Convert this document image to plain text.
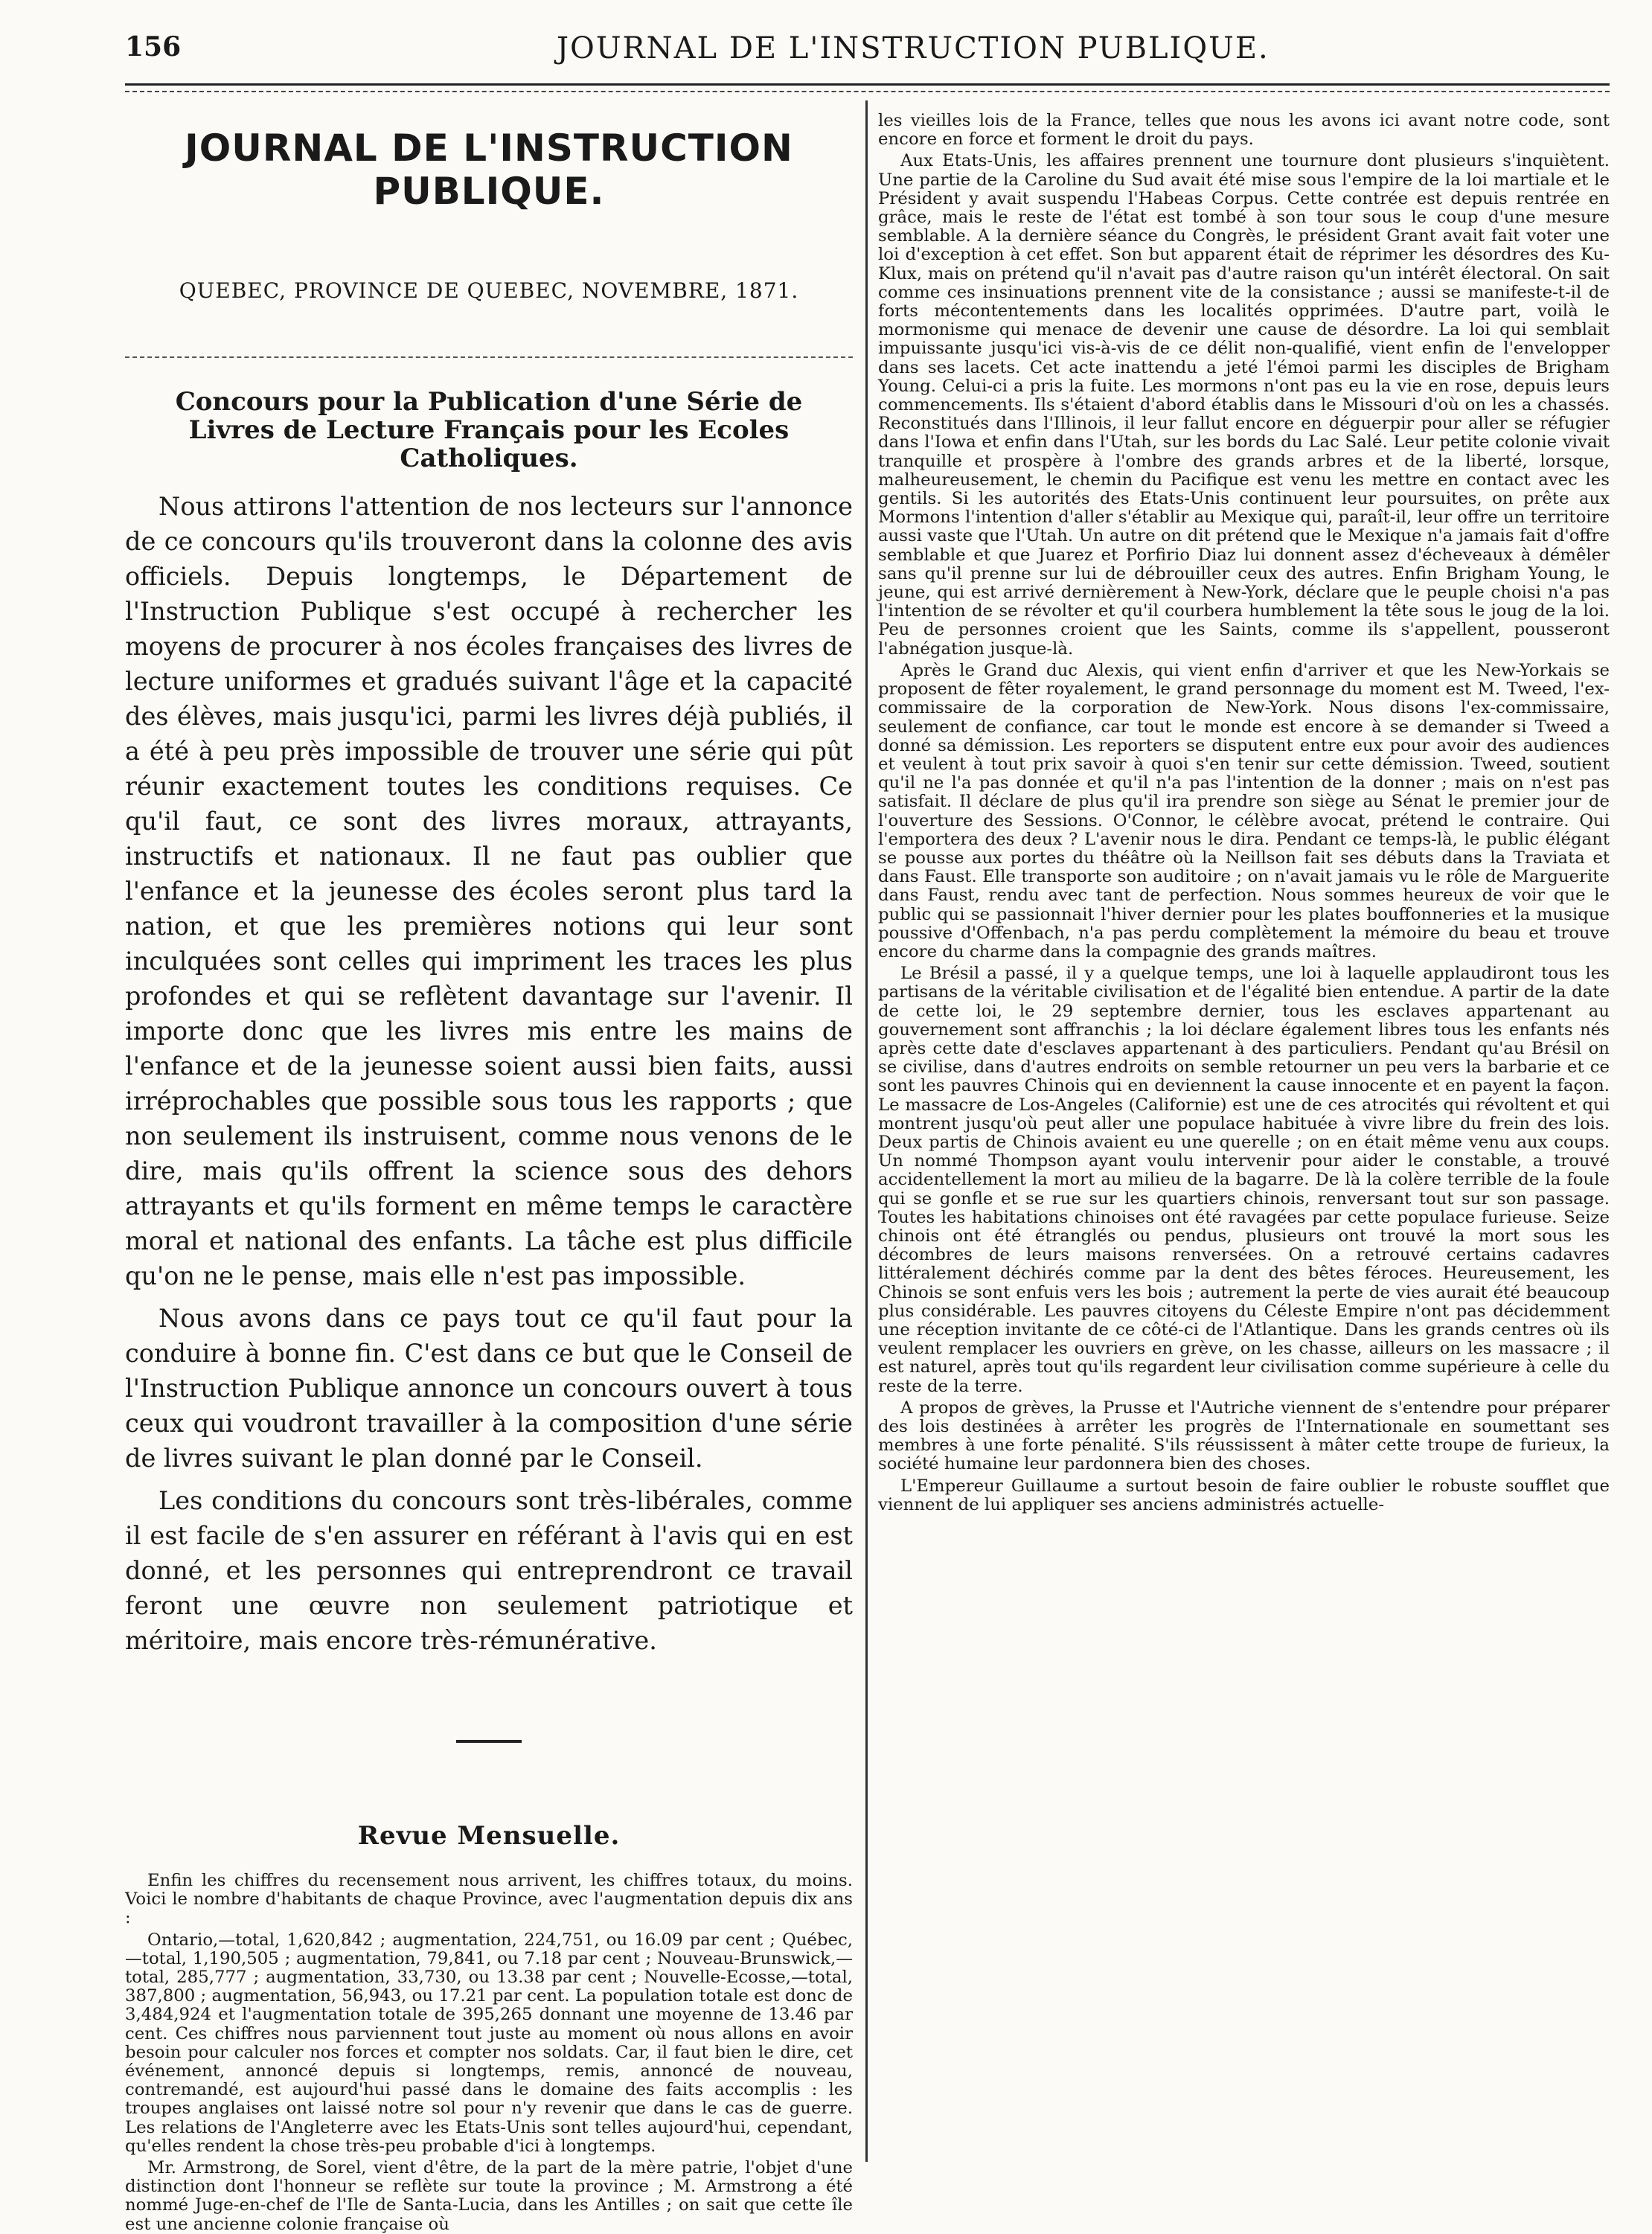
156	JOURNAL DE L'INSTRUCTION PUBLIQUE.
JOURNAL DE L'INSTRUCTION PUBLIQUE.
QUEBEC, PROVINCE DE QUEBEC, NOVEMBRE, 1871.
Concours pour la Publication d'une Série de Livres de Lecture Français pour les Ecoles Catholiques.

Nous attirons l'attention de nos lecteurs sur l'annonce de ce concours qu'ils trouveront dans la colonne des avis officiels. Depuis longtemps, le Département de l'Instruction Publique s'est occupé à rechercher les moyens de procurer à nos écoles françaises des livres de lecture uniformes et gradués suivant l'âge et la capacité des élèves, mais jusqu'ici, parmi les livres déjà publiés, il a été à peu près impossible de trouver une série qui pût réunir exactement toutes les conditions requises. Ce qu'il faut, ce sont des livres moraux, attrayants, instructifs et nationaux. Il ne faut pas oublier que l'enfance et la jeunesse des écoles seront plus tard la nation, et que les premières notions qui leur sont inculquées sont celles qui impriment les traces les plus profondes et qui se reflètent davantage sur l'avenir. Il importe donc que les livres mis entre les mains de l'enfance et de la jeunesse soient aussi bien faits, aussi irréprochables que possible sous tous les rapports ; que non seulement ils instruisent, comme nous venons de le dire, mais qu'ils offrent la science sous des dehors attrayants et qu'ils forment en même temps le caractère moral et national des enfants. La tâche est plus difficile qu'on ne le pense, mais elle n'est pas impossible.

Nous avons dans ce pays tout ce qu'il faut pour la conduire à bonne fin. C'est dans ce but que le Conseil de l'Instruction Publique annonce un concours ouvert à tous ceux qui voudront travailler à la composition d'une série de livres suivant le plan donné par le Conseil.

Les conditions du concours sont très-libérales, comme il est facile de s'en assurer en référant à l'avis qui en est donné, et les personnes qui entreprendront ce travail feront une œuvre non seulement patriotique et méritoire, mais encore très-rémunérative.

Revue Mensuelle.

Enfin les chiffres du recensement nous arrivent, les chiffres totaux, du moins. Voici le nombre d'habitants de chaque Province, avec l'augmentation depuis dix ans :

Ontario,—total, 1,620,842 ; augmentation, 224,751, ou 16.09 par cent ; Québec,—total, 1,190,505 ; augmentation, 79,841, ou 7.18 par cent ; Nouveau-Brunswick,—total, 285,777 ; augmentation, 33,730, ou 13.38 par cent ; Nouvelle-Ecosse,—total, 387,800 ; augmentation, 56,943, ou 17.21 par cent. La population totale est donc de 3,484,924 et l'augmentation totale de 395,265 donnant une moyenne de 13.46 par cent. Ces chiffres nous parviennent tout juste au moment où nous allons en avoir besoin pour calculer nos forces et compter nos soldats. Car, il faut bien le dire, cet événement, annoncé depuis si longtemps, remis, annoncé de nouveau, contremandé, est aujourd'hui passé dans le domaine des faits accomplis : les troupes anglaises ont laissé notre sol pour n'y revenir que dans le cas de guerre. Les relations de l'Angleterre avec les Etats-Unis sont telles aujourd'hui, cependant, qu'elles rendent la chose très-peu probable d'ici à longtemps.

Mr. Armstrong, de Sorel, vient d'être, de la part de la mère patrie, l'objet d'une distinction dont l'honneur se reflète sur toute la province ; M. Armstrong a été nommé Juge-en-chef de l'Ile de Santa-Lucia, dans les Antilles ; on sait que cette île est une ancienne colonie française où

les vieilles lois de la France, telles que nous les avons ici avant notre code, sont encore en force et forment le droit du pays.

Aux Etats-Unis, les affaires prennent une tournure dont plusieurs s'inquiètent. Une partie de la Caroline du Sud avait été mise sous l'empire de la loi martiale et le Président y avait suspendu l'Habeas Corpus. Cette contrée est depuis rentrée en grâce, mais le reste de l'état est tombé à son tour sous le coup d'une mesure semblable. A la dernière séance du Congrès, le président Grant avait fait voter une loi d'exception à cet effet. Son but apparent était de réprimer les désordres des Ku-Klux, mais on prétend qu'il n'avait pas d'autre raison qu'un intérêt électoral. On sait comme ces insinuations prennent vite de la consistance ; aussi se manifeste-t-il de forts mécontentements dans les localités opprimées. D'autre part, voilà le mormonisme qui menace de devenir une cause de désordre. La loi qui semblait impuissante jusqu'ici vis-à-vis de ce délit non-qualifié, vient enfin de l'envelopper dans ses lacets. Cet acte inattendu a jeté l'émoi parmi les disciples de Brigham Young. Celui-ci a pris la fuite. Les mormons n'ont pas eu la vie en rose, depuis leurs commencements. Ils s'étaient d'abord établis dans le Missouri d'où on les a chassés. Reconstitués dans l'Illinois, il leur fallut encore en déguerpir pour aller se réfugier dans l'Iowa et enfin dans l'Utah, sur les bords du Lac Salé. Leur petite colonie vivait tranquille et prospère à l'ombre des grands arbres et de la liberté, lorsque, malheureusement, le chemin du Pacifique est venu les mettre en contact avec les gentils. Si les autorités des Etats-Unis continuent leur poursuites, on prête aux Mormons l'intention d'aller s'établir au Mexique qui, paraît-il, leur offre un territoire aussi vaste que l'Utah. Un autre on dit prétend que le Mexique n'a jamais fait d'offre semblable et que Juarez et Porfirio Diaz lui donnent assez d'écheveaux à démêler sans qu'il prenne sur lui de débrouiller ceux des autres. Enfin Brigham Young, le jeune, qui est arrivé dernièrement à New-York, déclare que le peuple choisi n'a pas l'intention de se révolter et qu'il courbera humblement la tête sous le joug de la loi. Peu de personnes croient que les Saints, comme ils s'appellent, pousseront l'abnégation jusque-là.

Après le Grand duc Alexis, qui vient enfin d'arriver et que les New-Yorkais se proposent de fêter royalement, le grand personnage du moment est M. Tweed, l'ex-commissaire de la corporation de New-York. Nous disons l'ex-commissaire, seulement de confiance, car tout le monde est encore à se demander si Tweed a donné sa démission. Les reporters se disputent entre eux pour avoir des audiences et veulent à tout prix savoir à quoi s'en tenir sur cette démission. Tweed, soutient qu'il ne l'a pas donnée et qu'il n'a pas l'intention de la donner ; mais on n'est pas satisfait. Il déclare de plus qu'il ira prendre son siège au Sénat le premier jour de l'ouverture des Sessions. O'Connor, le célèbre avocat, prétend le contraire. Qui l'emportera des deux ? L'avenir nous le dira. Pendant ce temps-là, le public élégant se pousse aux portes du théâtre où la Neillson fait ses débuts dans la Traviata et dans Faust. Elle transporte son auditoire ; on n'avait jamais vu le rôle de Marguerite dans Faust, rendu avec tant de perfection. Nous sommes heureux de voir que le public qui se passionnait l'hiver dernier pour les plates bouffonneries et la musique poussive d'Offenbach, n'a pas perdu complètement la mémoire du beau et trouve encore du charme dans la compagnie des grands maîtres.

Le Brésil a passé, il y a quelque temps, une loi à laquelle applaudiront tous les partisans de la véritable civilisation et de l'égalité bien entendue. A partir de la date de cette loi, le 29 septembre dernier, tous les esclaves appartenant au gouvernement sont affranchis ; la loi déclare également libres tous les enfants nés après cette date d'esclaves appartenant à des particuliers. Pendant qu'au Brésil on se civilise, dans d'autres endroits on semble retourner un peu vers la barbarie et ce sont les pauvres Chinois qui en deviennent la cause innocente et en payent la façon. Le massacre de Los-Angeles (Californie) est une de ces atrocités qui révoltent et qui montrent jusqu'où peut aller une populace habituée à vivre libre du frein des lois. Deux partis de Chinois avaient eu une querelle ; on en était même venu aux coups. Un nommé Thompson ayant voulu intervenir pour aider le constable, a trouvé accidentellement la mort au milieu de la bagarre. De là la colère terrible de la foule qui se gonfle et se rue sur les quartiers chinois, renversant tout sur son passage. Toutes les habitations chinoises ont été ravagées par cette populace furieuse. Seize chinois ont été étranglés ou pendus, plusieurs ont trouvé la mort sous les décombres de leurs maisons renversées. On a retrouvé certains cadavres littéralement déchirés comme par la dent des bêtes féroces. Heureusement, les Chinois se sont enfuis vers les bois ; autrement la perte de vies aurait été beaucoup plus considérable. Les pauvres citoyens du Céleste Empire n'ont pas décidemment une réception invitante de ce côté-ci de l'Atlantique. Dans les grands centres où ils veulent remplacer les ouvriers en grève, on les chasse, ailleurs on les massacre ; il est naturel, après tout qu'ils regardent leur civilisation comme supérieure à celle du reste de la terre.

A propos de grèves, la Prusse et l'Autriche viennent de s'entendre pour préparer des lois destinées à arrêter les progrès de l'Internationale en soumettant ses membres à une forte pénalité. S'ils réussissent à mâter cette troupe de furieux, la société humaine leur pardonnera bien des choses.

L'Empereur Guillaume a surtout besoin de faire oublier le robuste soufflet que viennent de lui appliquer ses anciens administrés actuelle-
